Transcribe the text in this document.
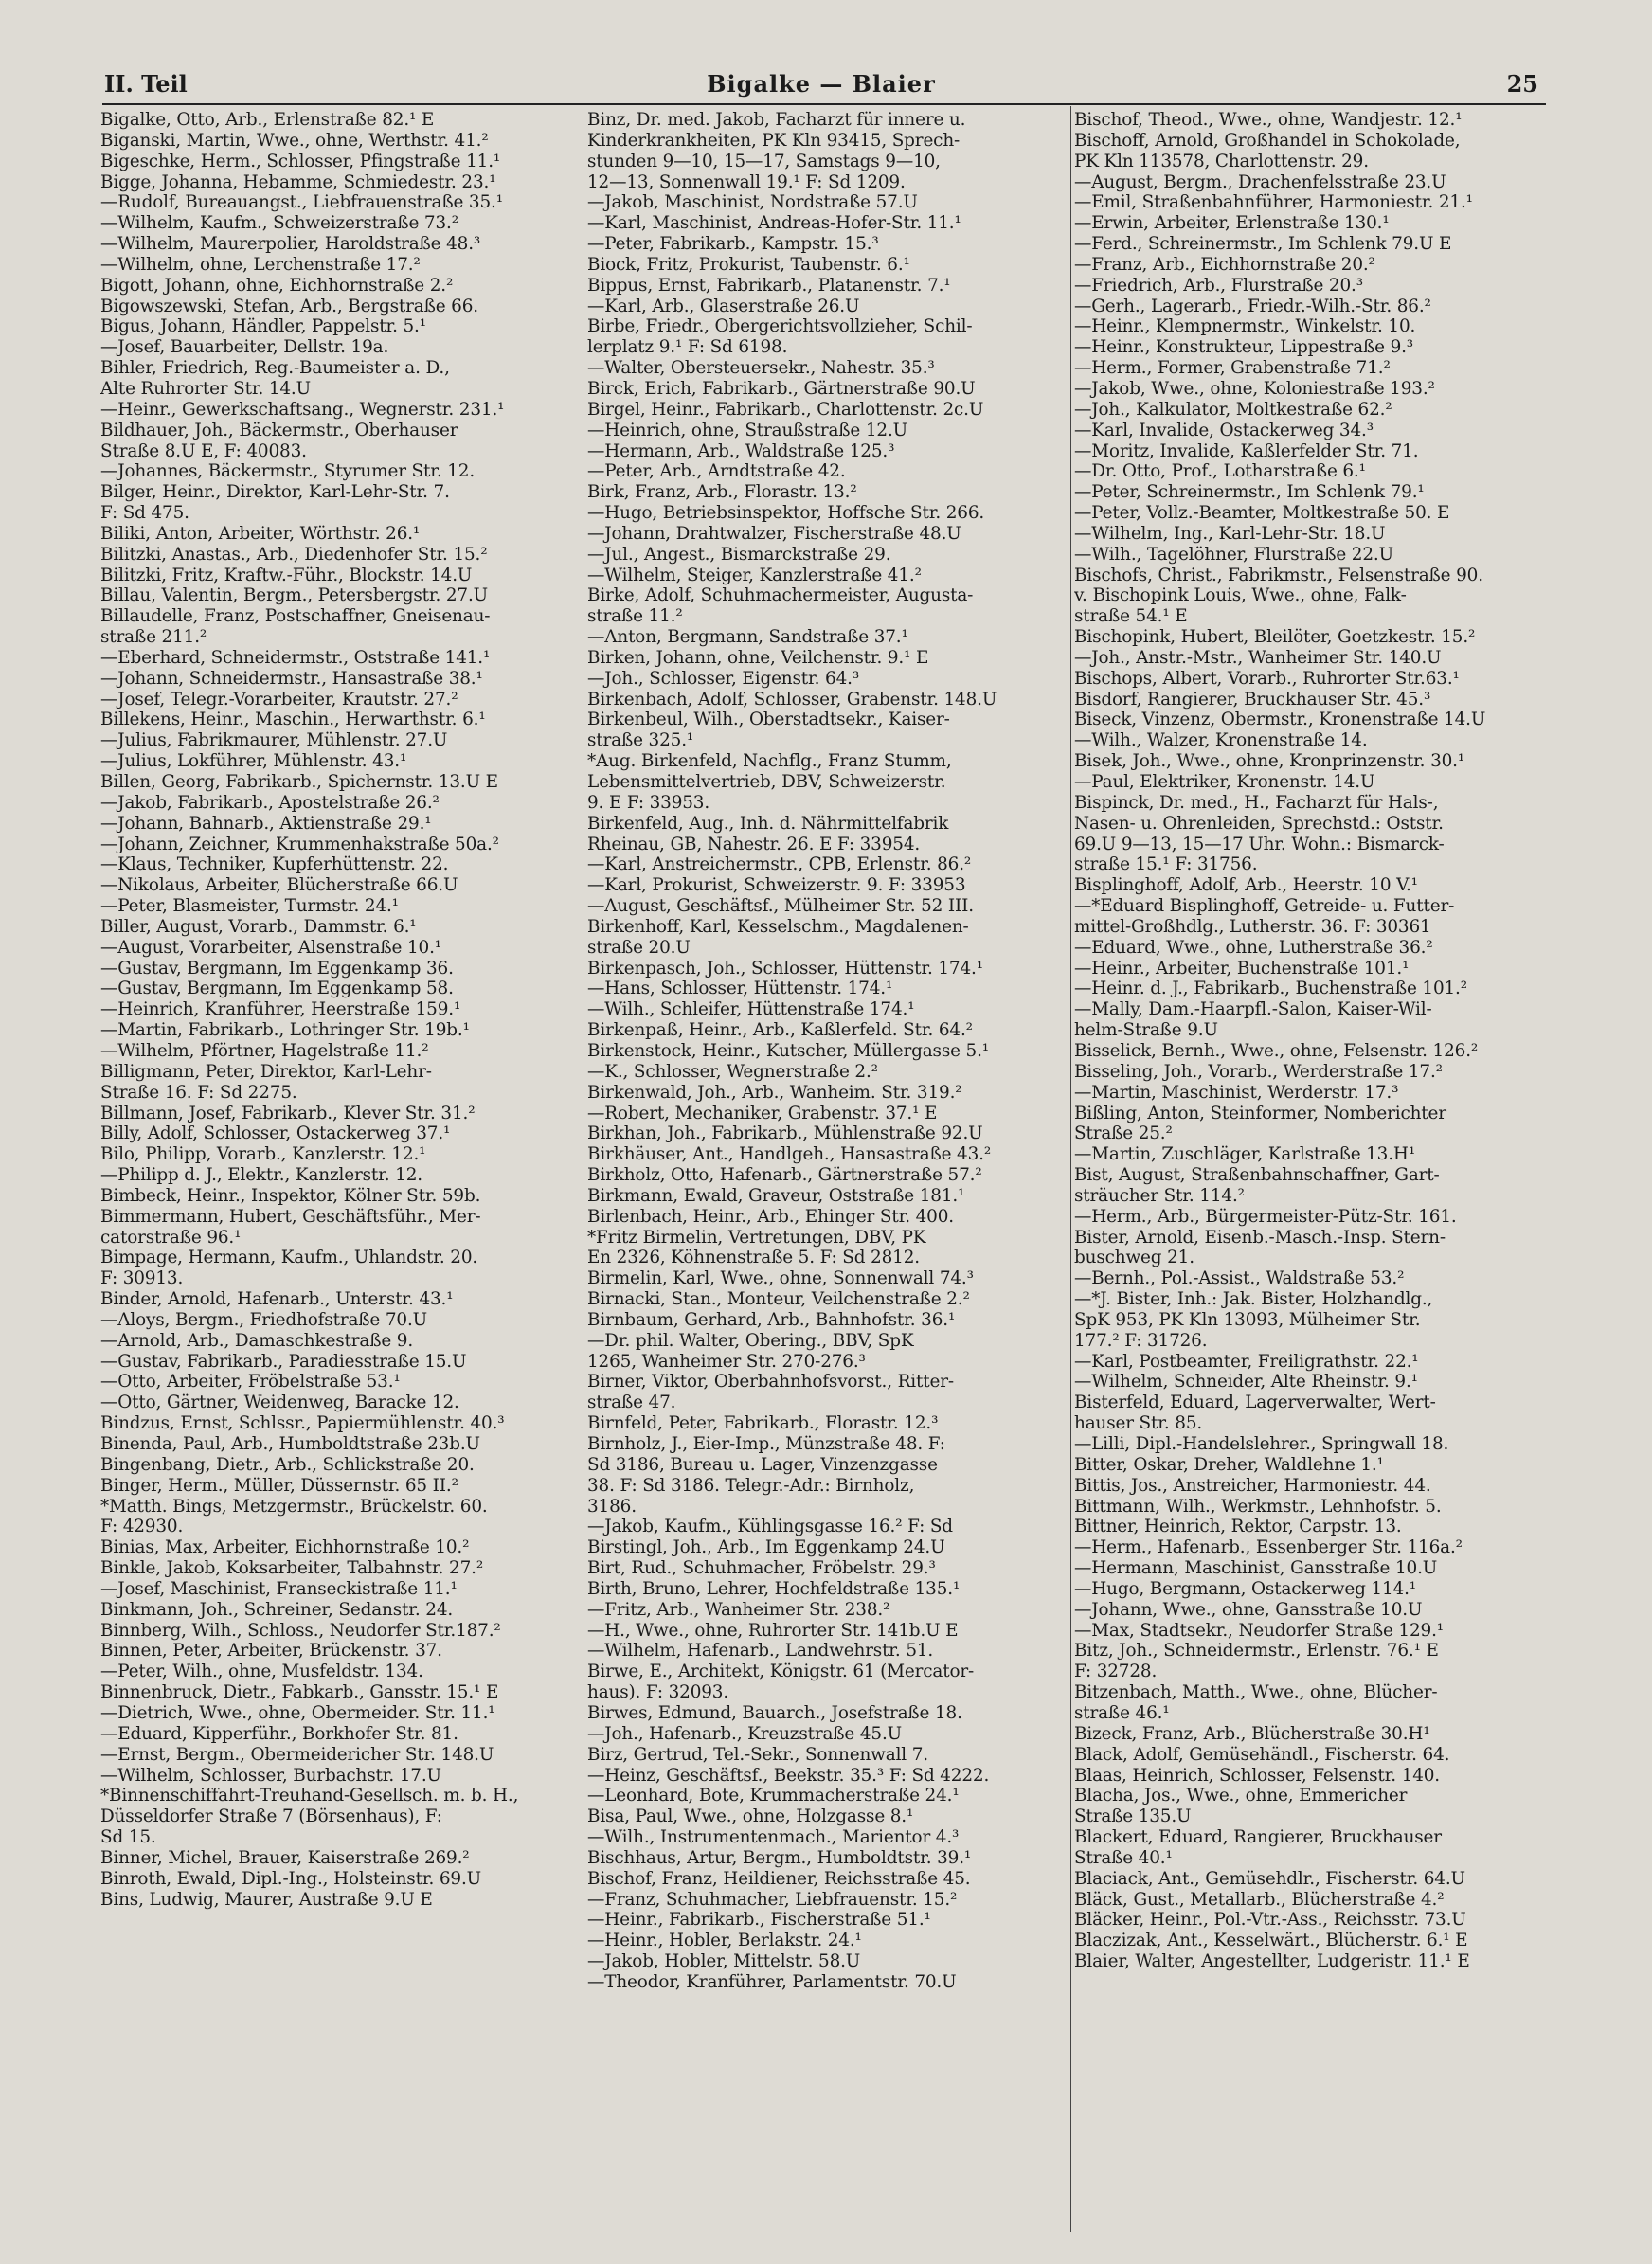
II. Teil	Bigalke — Blaier	25
Bigalke, Otto, Arb., Erlenstraße 82.¹ E
Biganski, Martin, Wwe., ohne, Werthstr. 41.²
Bigeschke, Herm., Schlosser, Pfingstraße 11.¹
Bigge, Johanna, Hebamme, Schmiedestr. 23.¹
—Rudolf, Bureauangst., Liebfrauenstraße 35.¹
—Wilhelm, Kaufm., Schweizerstraße 73.²
—Wilhelm, Maurerpolier, Haroldstraße 48.³
—Wilhelm, ohne, Lerchenstraße 17.²
Bigott, Johann, ohne, Eichhornstraße 2.²
Bigowszewski, Stefan, Arb., Bergstraße 66.
Bigus, Johann, Händler, Pappelstr. 5.¹
—Josef, Bauarbeiter, Dellstr. 19a.
Bihler, Friedrich, Reg.-Baumeister a. D.,
Alte Ruhrorter Str. 14.U
—Heinr., Gewerkschaftsang., Wegnerstr. 231.¹
Bildhauer, Joh., Bäckermstr., Oberhauser
Straße 8.U E, F: 40083.
—Johannes, Bäckermstr., Styrumer Str. 12.
Bilger, Heinr., Direktor, Karl-Lehr-Str. 7.
F: Sd 475.
Biliki, Anton, Arbeiter, Wörthstr. 26.¹
Bilitzki, Anastas., Arb., Diedenhofer Str. 15.²
Bilitzki, Fritz, Kraftw.-Führ., Blockstr. 14.U
Billau, Valentin, Bergm., Petersbergstr. 27.U
Billaudelle, Franz, Postschaffner, Gneisenau-
straße 211.²
—Eberhard, Schneidermstr., Oststraße 141.¹
—Johann, Schneidermstr., Hansastraße 38.¹
—Josef, Telegr.-Vorarbeiter, Krautstr. 27.²
Billekens, Heinr., Maschin., Herwarthstr. 6.¹
—Julius, Fabrikmaurer, Mühlenstr. 27.U
—Julius, Lokführer, Mühlenstr. 43.¹
Billen, Georg, Fabrikarb., Spichernstr. 13.U E
—Jakob, Fabrikarb., Apostelstraße 26.²
—Johann, Bahnarb., Aktienstraße 29.¹
—Johann, Zeichner, Krummenhakstraße 50a.²
—Klaus, Techniker, Kupferhüttenstr. 22.
—Nikolaus, Arbeiter, Blücherstraße 66.U
—Peter, Blasmeister, Turmstr. 24.¹
Biller, August, Vorarb., Dammstr. 6.¹
—August, Vorarbeiter, Alsenstraße 10.¹
—Gustav, Bergmann, Im Eggenkamp 36.
—Gustav, Bergmann, Im Eggenkamp 58.
—Heinrich, Kranführer, Heerstraße 159.¹
—Martin, Fabrikarb., Lothringer Str. 19b.¹
—Wilhelm, Pförtner, Hagelstraße 11.²
Billigmann, Peter, Direktor, Karl-Lehr-
Straße 16. F: Sd 2275.
Billmann, Josef, Fabrikarb., Klever Str. 31.²
Billy, Adolf, Schlosser, Ostackerweg 37.¹
Bilo, Philipp, Vorarb., Kanzlerstr. 12.¹
—Philipp d. J., Elektr., Kanzlerstr. 12.
Bimbeck, Heinr., Inspektor, Kölner Str. 59b.
Bimmermann, Hubert, Geschäftsführ., Mer-
catorstraße 96.¹
Bimpage, Hermann, Kaufm., Uhlandstr. 20.
F: 30913.
Binder, Arnold, Hafenarb., Unterstr. 43.¹
—Aloys, Bergm., Friedhofstraße 70.U
—Arnold, Arb., Damaschkestraße 9.
—Gustav, Fabrikarb., Paradiesstraße 15.U
—Otto, Arbeiter, Fröbelstraße 53.¹
—Otto, Gärtner, Weidenweg, Baracke 12.
Bindzus, Ernst, Schlssr., Papiermühlenstr. 40.³
Binenda, Paul, Arb., Humboldtstraße 23b.U
Bingenbang, Dietr., Arb., Schlickstraße 20.
Binger, Herm., Müller, Düssernstr. 65 II.²
*Matth. Bings, Metzgermstr., Brückelstr. 60.
F: 42930.
Binias, Max, Arbeiter, Eichhornstraße 10.²
Binkle, Jakob, Koksarbeiter, Talbahnstr. 27.²
—Josef, Maschinist, Franseckistraße 11.¹
Binkmann, Joh., Schreiner, Sedanstr. 24.
Binnberg, Wilh., Schloss., Neudorfer Str.187.²
Binnen, Peter, Arbeiter, Brückenstr. 37.
—Peter, Wilh., ohne, Musfeldstr. 134.
Binnenbruck, Dietr., Fabkarb., Gansstr. 15.¹ E
—Dietrich, Wwe., ohne, Obermeider. Str. 11.¹
—Eduard, Kipperführ., Borkhofer Str. 81.
—Ernst, Bergm., Obermeidericher Str. 148.U
—Wilhelm, Schlosser, Burbachstr. 17.U
*Binnenschiffahrt-Treuhand-Gesellsch. m. b. H.,
Düsseldorfer Straße 7 (Börsenhaus), F:
Sd 15.
Binner, Michel, Brauer, Kaiserstraße 269.²
Binroth, Ewald, Dipl.-Ing., Holsteinstr. 69.U
Bins, Ludwig, Maurer, Austraße 9.U E
Binz, Dr. med. Jakob, Facharzt für innere u.
Kinderkrankheiten, PK Kln 93415, Sprech-
stunden 9—10, 15—17, Samstags 9—10,
12—13, Sonnenwall 19.¹ F: Sd 1209.
—Jakob, Maschinist, Nordstraße 57.U
—Karl, Maschinist, Andreas-Hofer-Str. 11.¹
—Peter, Fabrikarb., Kampstr. 15.³
Biock, Fritz, Prokurist, Taubenstr. 6.¹
Bippus, Ernst, Fabrikarb., Platanenstr. 7.¹
—Karl, Arb., Glaserstraße 26.U
Birbe, Friedr., Obergerichtsvollzieher, Schil-
lerplatz 9.¹ F: Sd 6198.
—Walter, Obersteuersekr., Nahestr. 35.³
Birck, Erich, Fabrikarb., Gärtnerstraße 90.U
Birgel, Heinr., Fabrikarb., Charlottenstr. 2c.U
—Heinrich, ohne, Straußstraße 12.U
—Hermann, Arb., Waldstraße 125.³
—Peter, Arb., Arndtstraße 42.
Birk, Franz, Arb., Florastr. 13.²
—Hugo, Betriebsinspektor, Hoffsche Str. 266.
—Johann, Drahtwalzer, Fischerstraße 48.U
—Jul., Angest., Bismarckstraße 29.
—Wilhelm, Steiger, Kanzlerstraße 41.²
Birke, Adolf, Schuhmachermeister, Augusta-
straße 11.²
—Anton, Bergmann, Sandstraße 37.¹
Birken, Johann, ohne, Veilchenstr. 9.¹ E
—Joh., Schlosser, Eigenstr. 64.³
Birkenbach, Adolf, Schlosser, Grabenstr. 148.U
Birkenbeul, Wilh., Oberstadtsekr., Kaiser-
straße 325.¹
*Aug. Birkenfeld, Nachflg., Franz Stumm,
Lebensmittelvertrieb, DBV, Schweizerstr.
9. E F: 33953.
Birkenfeld, Aug., Inh. d. Nährmittelfabrik
Rheinau, GB, Nahestr. 26. E F: 33954.
—Karl, Anstreichermstr., CPB, Erlenstr. 86.²
—Karl, Prokurist, Schweizerstr. 9. F: 33953
—August, Geschäftsf., Mülheimer Str. 52 III.
Birkenhoff, Karl, Kesselschm., Magdalenen-
straße 20.U
Birkenpasch, Joh., Schlosser, Hüttenstr. 174.¹
—Hans, Schlosser, Hüttenstr. 174.¹
—Wilh., Schleifer, Hüttenstraße 174.¹
Birkenpaß, Heinr., Arb., Kaßlerfeld. Str. 64.²
Birkenstock, Heinr., Kutscher, Müllergasse 5.¹
—K., Schlosser, Wegnerstraße 2.²
Birkenwald, Joh., Arb., Wanheim. Str. 319.²
—Robert, Mechaniker, Grabenstr. 37.¹ E
Birkhan, Joh., Fabrikarb., Mühlenstraße 92.U
Birkhäuser, Ant., Handlgeh., Hansastraße 43.²
Birkholz, Otto, Hafenarb., Gärtnerstraße 57.²
Birkmann, Ewald, Graveur, Oststraße 181.¹
Birlenbach, Heinr., Arb., Ehinger Str. 400.
*Fritz Birmelin, Vertretungen, DBV, PK
En 2326, Köhnenstraße 5. F: Sd 2812.
Birmelin, Karl, Wwe., ohne, Sonnenwall 74.³
Birnacki, Stan., Monteur, Veilchenstraße 2.²
Birnbaum, Gerhard, Arb., Bahnhofstr. 36.¹
—Dr. phil. Walter, Obering., BBV, SpK
1265, Wanheimer Str. 270-276.³
Birner, Viktor, Oberbahnhofsvorst., Ritter-
straße 47.
Birnfeld, Peter, Fabrikarb., Florastr. 12.³
Birnholz, J., Eier-Imp., Münzstraße 48. F:
Sd 3186, Bureau u. Lager, Vinzenzgasse
38. F: Sd 3186. Telegr.-Adr.: Birnholz,
3186.
—Jakob, Kaufm., Kühlingsgasse 16.² F: Sd
Birstingl, Joh., Arb., Im Eggenkamp 24.U
Birt, Rud., Schuhmacher, Fröbelstr. 29.³
Birth, Bruno, Lehrer, Hochfeldstraße 135.¹
—Fritz, Arb., Wanheimer Str. 238.²
—H., Wwe., ohne, Ruhrorter Str. 141b.U E
—Wilhelm, Hafenarb., Landwehrstr. 51.
Birwe, E., Architekt, Königstr. 61 (Mercator-
haus). F: 32093.
Birwes, Edmund, Bauarch., Josefstraße 18.
—Joh., Hafenarb., Kreuzstraße 45.U
Birz, Gertrud, Tel.-Sekr., Sonnenwall 7.
—Heinz, Geschäftsf., Beekstr. 35.³ F: Sd 4222.
—Leonhard, Bote, Krummacherstraße 24.¹
Bisa, Paul, Wwe., ohne, Holzgasse 8.¹
—Wilh., Instrumentenmach., Marientor 4.³
Bischhaus, Artur, Bergm., Humboldtstr. 39.¹
Bischof, Franz, Heildiener, Reichsstraße 45.
—Franz, Schuhmacher, Liebfrauenstr. 15.²
—Heinr., Fabrikarb., Fischerstraße 51.¹
—Heinr., Hobler, Berlakstr. 24.¹
—Jakob, Hobler, Mittelstr. 58.U
—Theodor, Kranführer, Parlamentstr. 70.U
Bischof, Theod., Wwe., ohne, Wandjestr. 12.¹
Bischoff, Arnold, Großhandel in Schokolade,
PK Kln 113578, Charlottenstr. 29.
—August, Bergm., Drachenfelsstraße 23.U
—Emil, Straßenbahnführer, Harmoniestr. 21.¹
—Erwin, Arbeiter, Erlenstraße 130.¹
—Ferd., Schreinermstr., Im Schlenk 79.U E
—Franz, Arb., Eichhornstraße 20.²
—Friedrich, Arb., Flurstraße 20.³
—Gerh., Lagerarb., Friedr.-Wilh.-Str. 86.²
—Heinr., Klempnermstr., Winkelstr. 10.
—Heinr., Konstrukteur, Lippestraße 9.³
—Herm., Former, Grabenstraße 71.²
—Jakob, Wwe., ohne, Koloniestraße 193.²
—Joh., Kalkulator, Moltkestraße 62.²
—Karl, Invalide, Ostackerweg 34.³
—Moritz, Invalide, Kaßlerfelder Str. 71.
—Dr. Otto, Prof., Lotharstraße 6.¹
—Peter, Schreinermstr., Im Schlenk 79.¹
—Peter, Vollz.-Beamter, Moltkestraße 50. E
—Wilhelm, Ing., Karl-Lehr-Str. 18.U
—Wilh., Tagelöhner, Flurstraße 22.U
Bischofs, Christ., Fabrikmstr., Felsenstraße 90.
v. Bischopink Louis, Wwe., ohne, Falk-
straße 54.¹ E
Bischopink, Hubert, Bleilöter, Goetzkestr. 15.²
—Joh., Anstr.-Mstr., Wanheimer Str. 140.U
Bischops, Albert, Vorarb., Ruhrorter Str.63.¹
Bisdorf, Rangierer, Bruckhauser Str. 45.³
Biseck, Vinzenz, Obermstr., Kronenstraße 14.U
—Wilh., Walzer, Kronenstraße 14.
Bisek, Joh., Wwe., ohne, Kronprinzenstr. 30.¹
—Paul, Elektriker, Kronenstr. 14.U
Bispinck, Dr. med., H., Facharzt für Hals-,
Nasen- u. Ohrenleiden, Sprechstd.: Oststr.
69.U 9—13, 15—17 Uhr. Wohn.: Bismarck-
straße 15.¹ F: 31756.
Bisplinghoff, Adolf, Arb., Heerstr. 10 V.¹
—*Eduard Bisplinghoff, Getreide- u. Futter-
mittel-Großhdlg., Lutherstr. 36. F: 30361
—Eduard, Wwe., ohne, Lutherstraße 36.²
—Heinr., Arbeiter, Buchenstraße 101.¹
—Heinr. d. J., Fabrikarb., Buchenstraße 101.²
—Mally, Dam.-Haarpfl.-Salon, Kaiser-Wil-
helm-Straße 9.U
Bisselick, Bernh., Wwe., ohne, Felsenstr. 126.²
Bisseling, Joh., Vorarb., Werderstraße 17.²
—Martin, Maschinist, Werderstr. 17.³
Bißling, Anton, Steinformer, Nomberichter
Straße 25.²
—Martin, Zuschläger, Karlstraße 13.H¹
Bist, August, Straßenbahnschaffner, Gart-
sträucher Str. 114.²
—Herm., Arb., Bürgermeister-Pütz-Str. 161.
Bister, Arnold, Eisenb.-Masch.-Insp. Stern-
buschweg 21.
—Bernh., Pol.-Assist., Waldstraße 53.²
—*J. Bister, Inh.: Jak. Bister, Holzhandlg.,
SpK 953, PK Kln 13093, Mülheimer Str.
177.² F: 31726.
—Karl, Postbeamter, Freiligrathstr. 22.¹
—Wilhelm, Schneider, Alte Rheinstr. 9.¹
Bisterfeld, Eduard, Lagerverwalter, Wert-
hauser Str. 85.
—Lilli, Dipl.-Handelslehrer., Springwall 18.
Bitter, Oskar, Dreher, Waldlehne 1.¹
Bittis, Jos., Anstreicher, Harmoniestr. 44.
Bittmann, Wilh., Werkmstr., Lehnhofstr. 5.
Bittner, Heinrich, Rektor, Carpstr. 13.
—Herm., Hafenarb., Essenberger Str. 116a.²
—Hermann, Maschinist, Gansstraße 10.U
—Hugo, Bergmann, Ostackerweg 114.¹
—Johann, Wwe., ohne, Gansstraße 10.U
—Max, Stadtsekr., Neudorfer Straße 129.¹
Bitz, Joh., Schneidermstr., Erlenstr. 76.¹ E
F: 32728.
Bitzenbach, Matth., Wwe., ohne, Blücher-
straße 46.¹
Bizeck, Franz, Arb., Blücherstraße 30.H¹
Black, Adolf, Gemüsehändl., Fischerstr. 64.
Blaas, Heinrich, Schlosser, Felsenstr. 140.
Blacha, Jos., Wwe., ohne, Emmericher
Straße 135.U
Blackert, Eduard, Rangierer, Bruckhauser
Straße 40.¹
Blaciack, Ant., Gemüsehdlr., Fischerstr. 64.U
Bläck, Gust., Metallarb., Blücherstraße 4.²
Bläcker, Heinr., Pol.-Vtr.-Ass., Reichsstr. 73.U
Blaczizak, Ant., Kesselwärt., Blücherstr. 6.¹ E
Blaier, Walter, Angestellter, Ludgeristr. 11.¹ E
